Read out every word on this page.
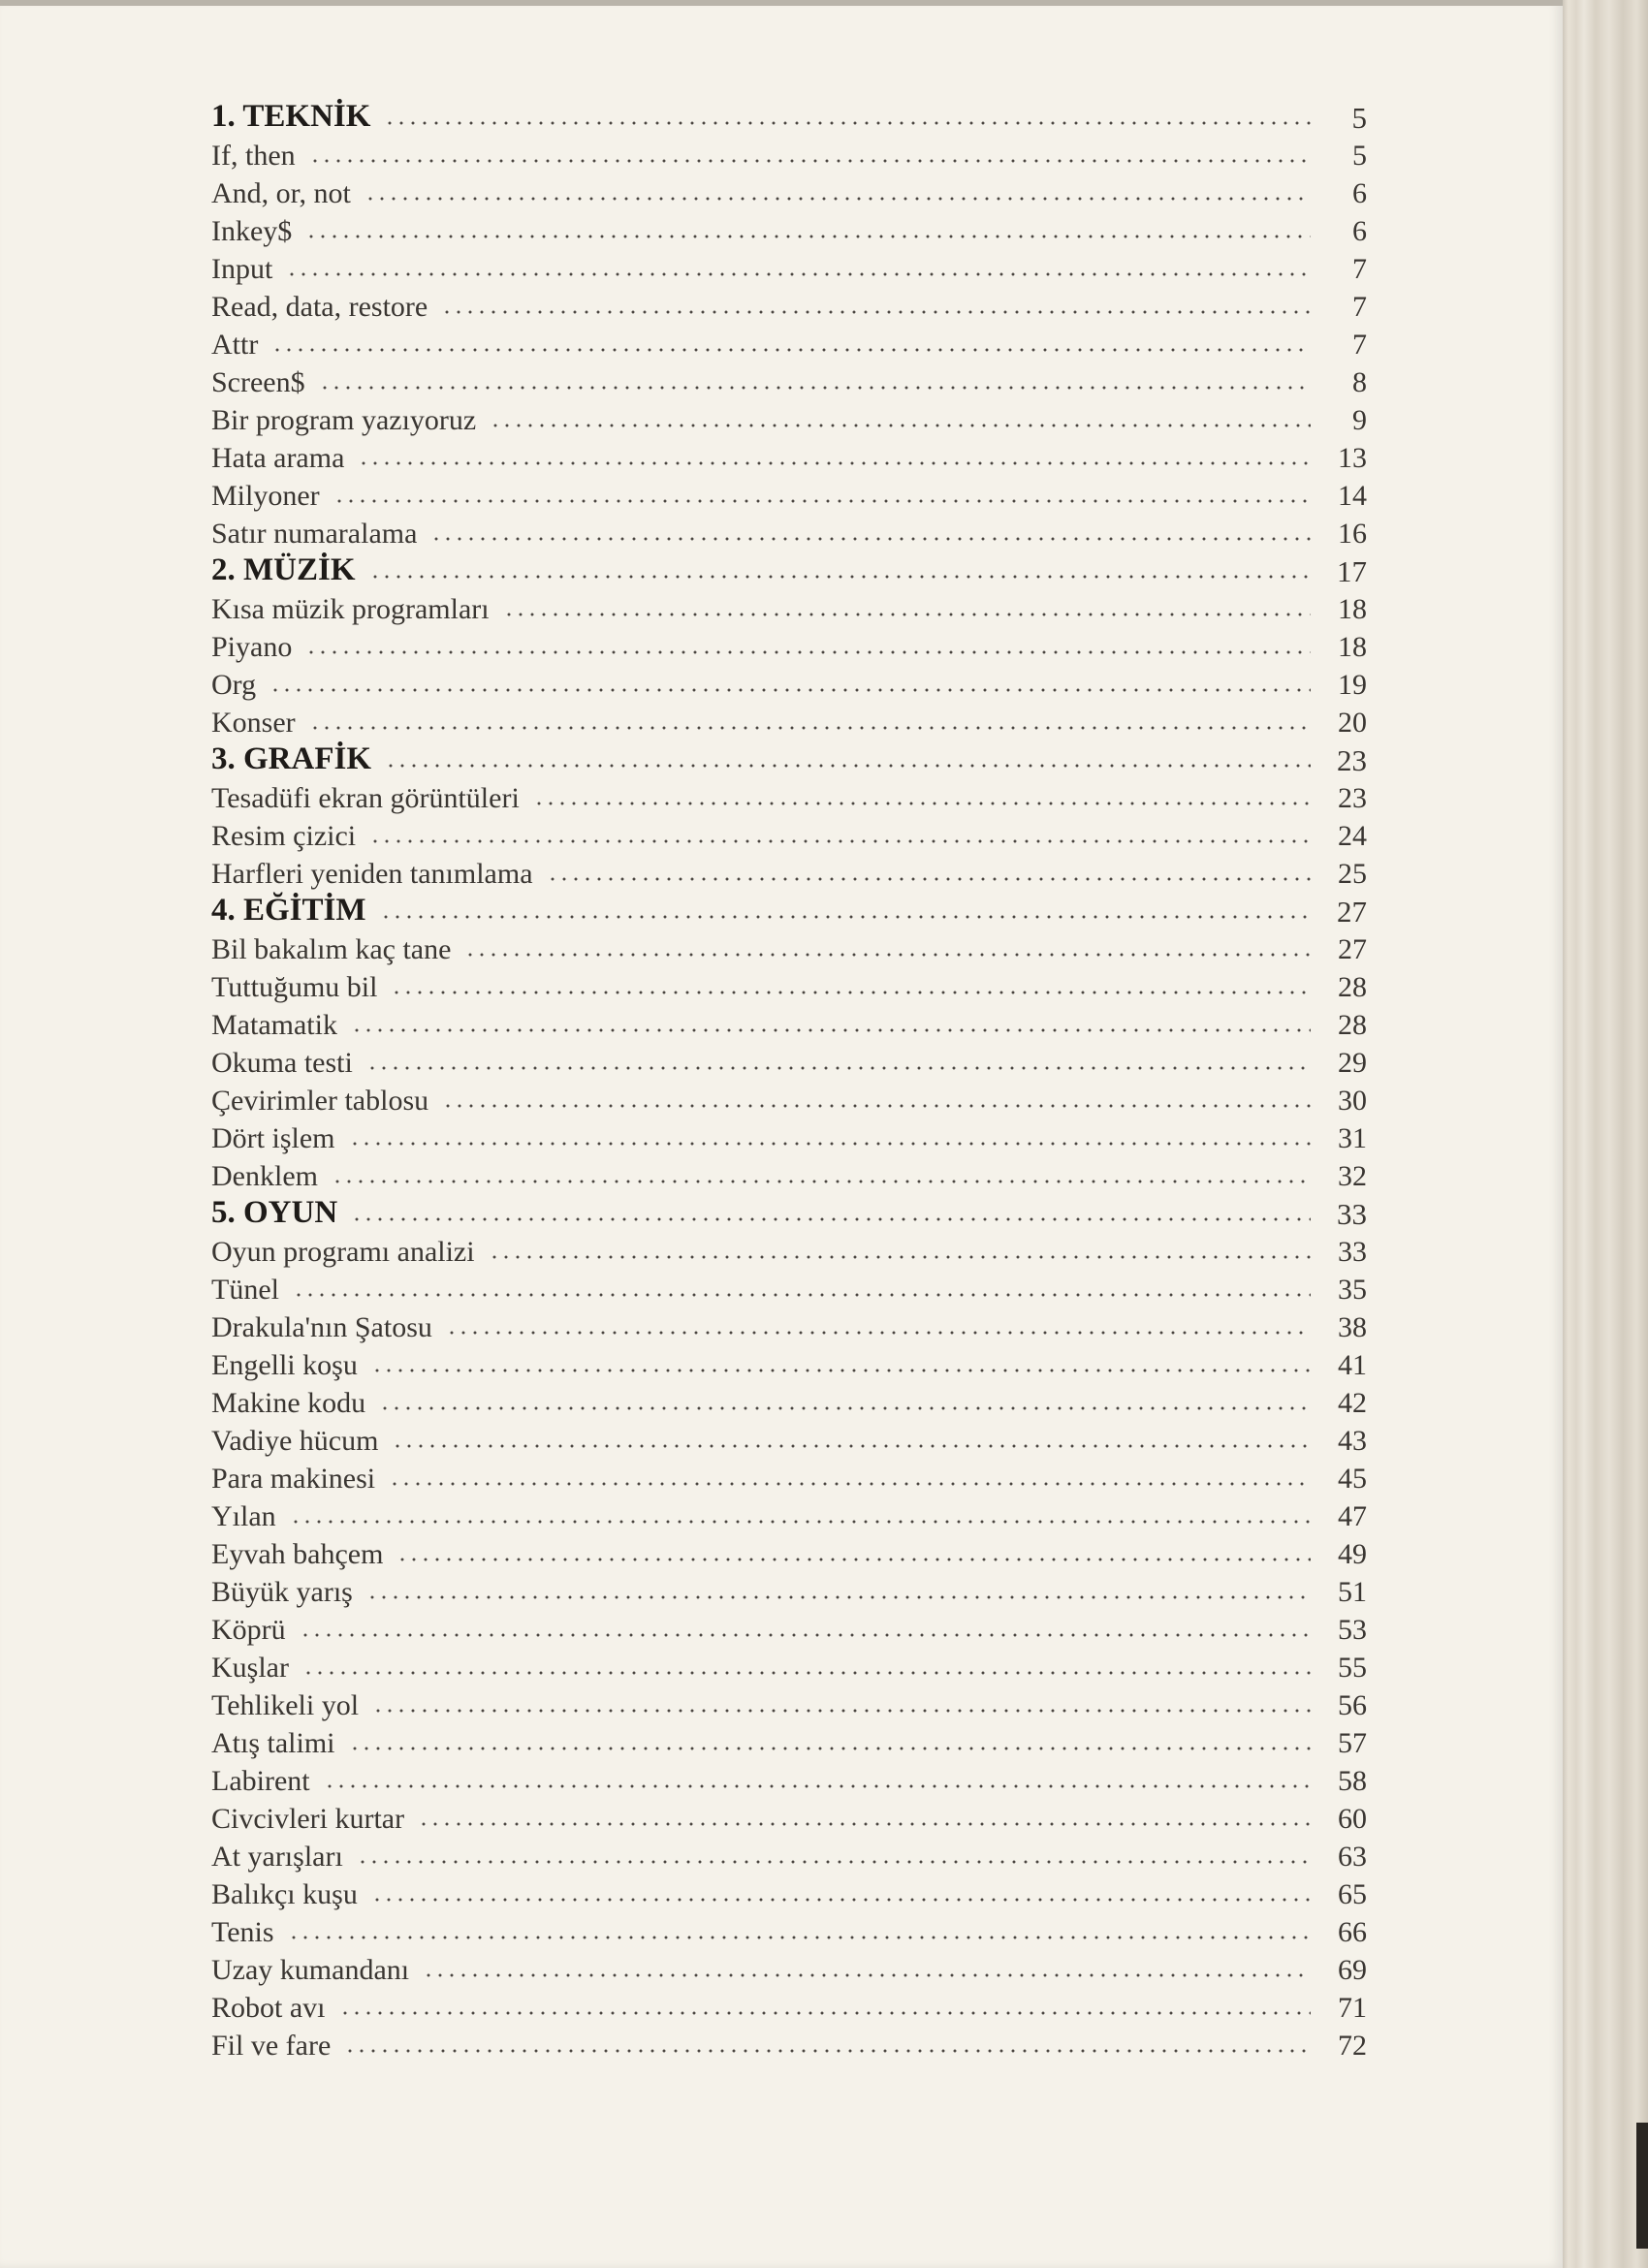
1. TEKNİK	5
If, then	5
And, or, not	6
Inkey$	6
Input	7
Read, data, restore	7
Attr	7
Screen$	8
Bir program yazıyoruz	9
Hata arama	13
Milyoner	14
Satır numaralama	16
2. MÜZİK	17
Kısa müzik programları	18
Piyano	18
Org	19
Konser	20
3. GRAFİK	23
Tesadüfi ekran görüntüleri	23
Resim çizici	24
Harfleri yeniden tanımlama	25
4. EĞİTİM	27
Bil bakalım kaç tane	27
Tuttuğumu bil	28
Matamatik	28
Okuma testi	29
Çevirimler tablosu	30
Dört işlem	31
Denklem	32
5. OYUN	33
Oyun programı analizi	33
Tünel	35
Drakula'nın Şatosu	38
Engelli koşu	41
Makine kodu	42
Vadiye hücum	43
Para makinesi	45
Yılan	47
Eyvah bahçem	49
Büyük yarış	51
Köprü	53
Kuşlar	55
Tehlikeli yol	56
Atış talimi	57
Labirent	58
Civcivleri kurtar	60
At yarışları	63
Balıkçı kuşu	65
Tenis	66
Uzay kumandanı	69
Robot avı	71
Fil ve fare	72
